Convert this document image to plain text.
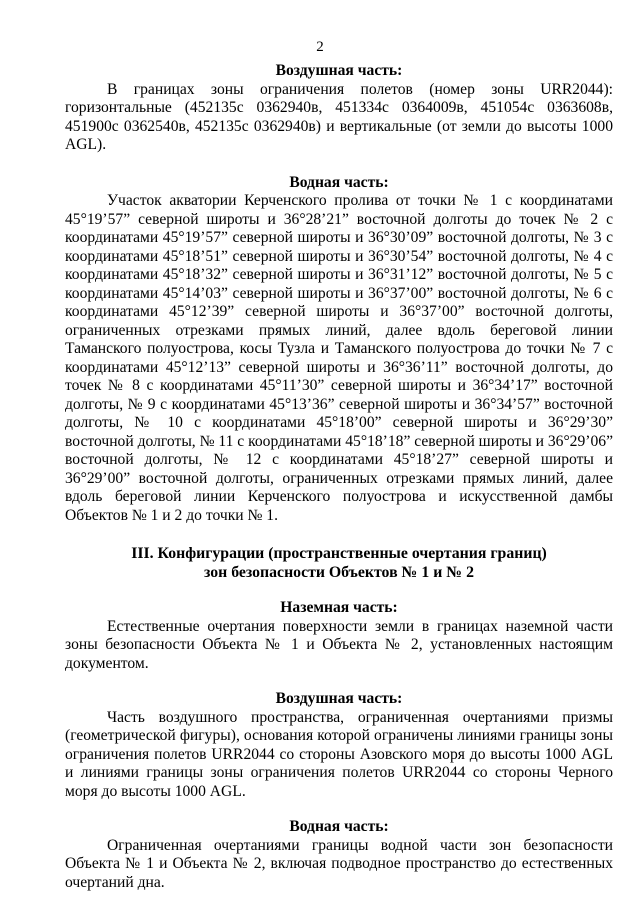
2

Воздушная часть:

В границах зоны ограничения полетов (номер зоны URR2044): горизонтальные (452135с 0362940в, 451334с 0364009в, 451054с 0363608в, 451900с 0362540в, 452135с 0362940в) и вертикальные (от земли до высоты 1000 AGL).

Водная часть:

Участок акватории Керченского пролива от точки № 1 с координатами 45°19’57” северной широты и 36°28’21” восточной долготы до точек № 2 с координатами 45°19’57” северной широты и 36°30’09” восточной долготы, № 3 с координатами 45°18’51” северной широты и 36°30’54” восточной долготы, № 4 с координатами 45°18’32” северной широты и 36°31’12” восточной долготы, № 5 с координатами 45°14’03” северной широты и 36°37’00” восточной долготы, № 6 с координатами 45°12’39” северной широты и 36°37’00” восточной долготы, ограниченных отрезками прямых линий, далее вдоль береговой линии Таманского полуострова, косы Тузла и Таманского полуострова до точки № 7 с координатами 45°12’13” северной широты и 36°36’11” восточной долготы, до точек № 8 с координатами 45°11’30” северной широты и 36°34’17” восточной долготы, № 9 с координатами 45°13’36” северной широты и 36°34’57” восточной долготы, № 10 с координатами 45°18’00” северной широты и 36°29’30” восточной долготы, № 11 с координатами 45°18’18” северной широты и 36°29’06” восточной долготы, № 12 с координатами 45°18’27” северной широты и 36°29’00” восточной долготы, ограниченных отрезками прямых линий, далее вдоль береговой линии Керченского полуострова и искусственной дамбы Объектов № 1 и 2 до точки № 1.

III. Конфигурации (пространственные очертания границ)

зон безопасности Объектов № 1 и № 2

Наземная часть:

Естественные очертания поверхности земли в границах наземной части зоны безопасности Объекта № 1 и Объекта № 2, установленных настоящим документом.

Воздушная часть:

Часть воздушного пространства, ограниченная очертаниями призмы (геометрической фигуры), основания которой ограничены линиями границы зоны ограничения полетов URR2044 со стороны Азовского моря до высоты 1000 AGL и линиями границы зоны ограничения полетов URR2044 со стороны Черного моря до высоты 1000 AGL.

Водная часть:

Ограниченная очертаниями границы водной части зон безопасности Объекта № 1 и Объекта № 2, включая подводное пространство до естественных очертаний дна.
